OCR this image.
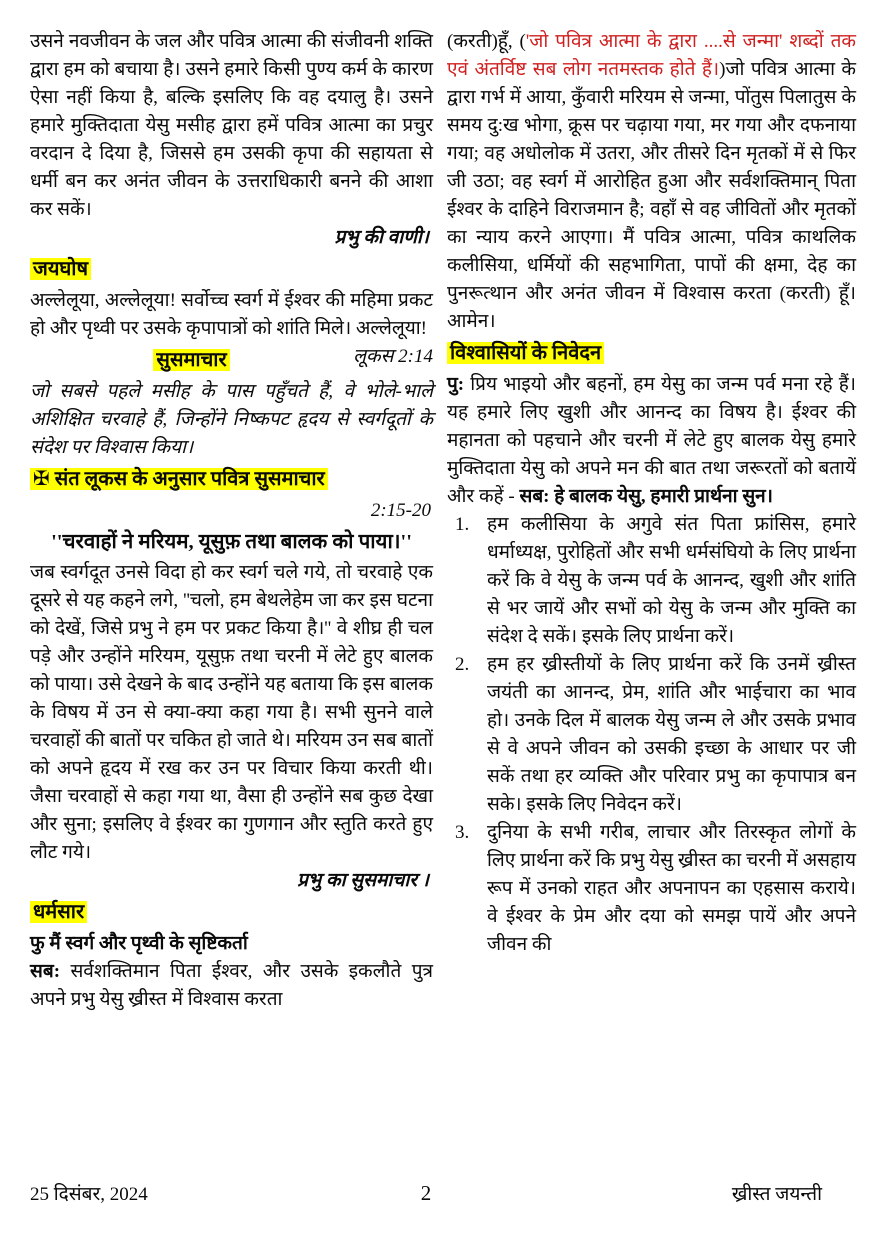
उसने नवजीवन के जल और पवित्र आत्मा की संजीवनी शक्ति द्वारा हम को बचाया है। उसने हमारे किसी पुण्य कर्म के कारण ऐसा नहीं किया है, बल्कि इसलिए कि वह दयालु है। उसने हमारे मुक्तिदाता येसु मसीह द्वारा हमें पवित्र आत्मा का प्रचुर वरदान दे दिया है, जिससे हम उसकी कृपा की सहायता से धर्मी बन कर अनंत जीवन के उत्तराधिकारी बनने की आशा कर सकें।

प्रभु की वाणी।

जयघोष

अल्लेलूया, अल्लेलूया! सर्वोच्च स्वर्ग में ईश्वर की महिमा प्रकट हो और पृथ्वी पर उसके कृपापात्रों को शांति मिले। अल्लेलूया!
लूकस 2:14

सुसमाचार

जो सबसे पहले मसीह के पास पहुँचते हैं, वे भोले-भाले अशिक्षित चरवाहे हैं, जिन्होंने निष्कपट हृदय से स्वर्गदूतों के संदेश पर विश्वास किया।

✠ संत लूकस के अनुसार पवित्र सुसमाचार

2:15-20

''चरवाहों ने मरियम, यूसुफ़ तथा बालक को पाया।''

जब स्वर्गदूत उनसे विदा हो कर स्वर्ग चले गये, तो चरवाहे एक दूसरे से यह कहने लगे, ''चलो, हम बेथलेहेम जा कर इस घटना को देखें, जिसे प्रभु ने हम पर प्रकट किया है।'' वे शीघ्र ही चल पड़े और उन्होंने मरियम, यूसुफ़ तथा चरनी में लेटे हुए बालक को पाया। उसे देखने के बाद उन्होंने यह बताया कि इस बालक के विषय में उन से क्या-क्या कहा गया है। सभी सुनने वाले चरवाहों की बातों पर चकित हो जाते थे। मरियम उन सब बातों को अपने हृदय में रख कर उन पर विचार किया करती थी। जैसा चरवाहों से कहा गया था, वैसा ही उन्होंने सब कुछ देखा और सुना; इसलिए वे ईश्वर का गुणगान और स्तुति करते हुए लौट गये।

प्रभु का सुसमाचार ।

धर्मसार

फु मैं स्वर्ग और पृथ्वी के सृष्टिकर्ता

सब: सर्वशक्तिमान पिता ईश्वर, और उसके इकलौते पुत्र अपने प्रभु येसु ख्रीस्त में विश्वास करता

(करती)हूँ, ('जो पवित्र आत्मा के द्वारा ....से जन्मा' शब्दों तक एवं अंतर्विष्ट सब लोग नतमस्तक होते हैं।)जो पवित्र आत्मा के द्वारा गर्भ में आया, कुँवारी मरियम से जन्मा, पोंतुस पिलातुस के समय दु:ख भोगा, क्रूस पर चढ़ाया गया, मर गया और दफनाया गया; वह अधोलोक में उतरा, और तीसरे दिन मृतकों में से फिर जी उठा; वह स्वर्ग में आरोहित हुआ और सर्वशक्तिमान् पिता ईश्वर के दाहिने विराजमान है; वहाँ से वह जीवितों और मृतकों का न्याय करने आएगा। मैं पवित्र आत्मा, पवित्र काथलिक कलीसिया, धर्मियों की सहभागिता, पापों की क्षमा, देह का पुनरूत्थान और अनंत जीवन में विश्वास करता (करती) हूँ। आमेन।

विश्वासियों के निवेदन

पु: प्रिय भाइयो और बहनों, हम येसु का जन्म पर्व मना रहे हैं। यह हमारे लिए खुशी और आनन्द का विषय है। ईश्वर की महानता को पहचाने और चरनी में लेटे हुए बालक येसु हमारे मुक्तिदाता येसु को अपने मन की बात तथा जरूरतों को बतायें और कहें - सब: हे बालक येसु, हमारी प्रार्थना सुन।

1. हम कलीसिया के अगुवे संत पिता फ्रांसिस, हमारे धर्माध्यक्ष, पुरोहितों और सभी धर्मसंघियो के लिए प्रार्थना करें कि वे येसु के जन्म पर्व के आनन्द, खुशी और शांति से भर जायें और सभों को येसु के जन्म और मुक्ति का संदेश दे सकें। इसके लिए प्रार्थना करें।

2. हम हर ख्रीस्तीयों के लिए प्रार्थना करें कि उनमें ख्रीस्त जयंती का आनन्द, प्रेम, शांति और भाईचारा का भाव हो। उनके दिल में बालक येसु जन्म ले और उसके प्रभाव से वे अपने जीवन को उसकी इच्छा के आधार पर जी सकें तथा हर व्यक्ति और परिवार प्रभु का कृपापात्र बन सके। इसके लिए निवेदन करें।

3. दुनिया के सभी गरीब, लाचार और तिरस्कृत लोगों के लिए प्रार्थना करें कि प्रभु येसु ख्रीस्त का चरनी में असहाय रूप में उनको राहत और अपनापन का एहसास कराये। वे ईश्वर के प्रेम और दया को समझ पायें और अपने जीवन की

25 दिसंबर, 2024	2	ख्रीस्त जयन्ती
